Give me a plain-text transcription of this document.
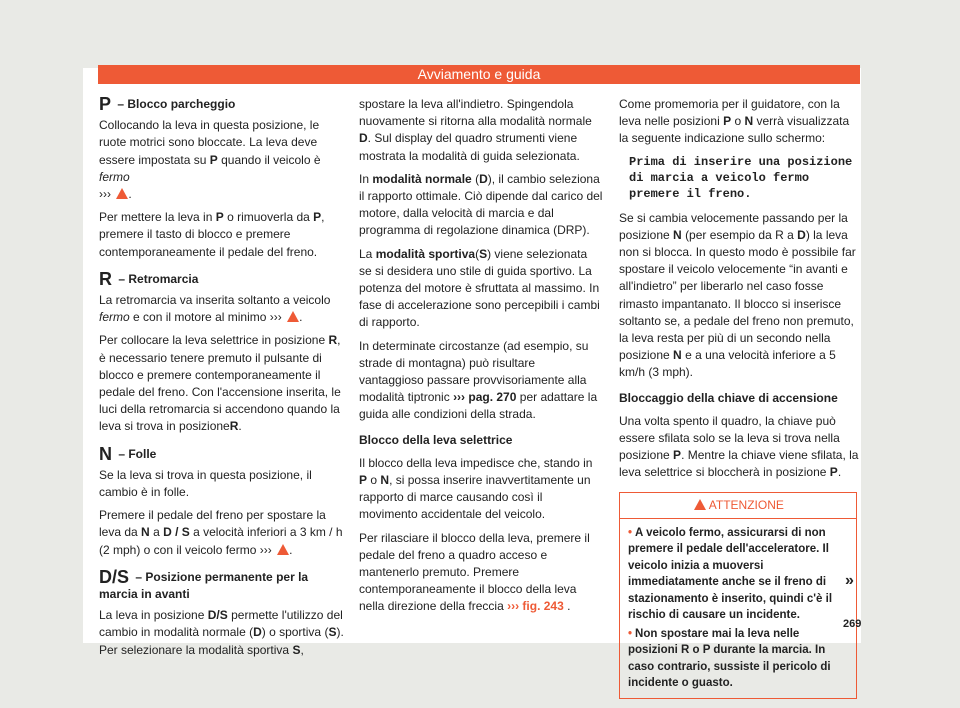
Avviamento e guida
P – Blocco parcheggio

Collocando la leva in questa posizione, le ruote motrici sono bloccate. La leva deve essere impostata su P quando il veicolo è fermo
››› .

Per mettere la leva in P o rimuoverla da P, premere il tasto di blocco e premere contemporaneamente il pedale del freno.

R – Retromarcia

La retromarcia va inserita soltanto a veicolo fermo e con il motore al minimo ››› .

Per collocare la leva selettrice in posizione R, è necessario tenere premuto il pulsante di blocco e premere contemporaneamente il pedale del freno. Con l'accensione inserita, le luci della retromarcia si accendono quando la leva si trova in posizioneR.

N – Folle

Se la leva si trova in questa posizione, il cambio è in folle.

Premere il pedale del freno per spostare la leva da N a D / S a velocità inferiori a 3 km / h (2 mph) o con il veicolo fermo ››› .

D/S – Posizione permanente per la marcia in avanti

La leva in posizione D/S permette l'utilizzo del cambio in modalità normale (D) o sportiva (S). Per selezionare la modalità sportiva S,

spostare la leva all'indietro. Spingendola nuovamente si ritorna alla modalità normale D. Sul display del quadro strumenti viene mostrata la modalità di guida selezionata.

In modalità normale (D), il cambio seleziona il rapporto ottimale. Ciò dipende dal carico del motore, dalla velocità di marcia e dal programma di regolazione dinamica (DRP).

La modalità sportiva(S) viene selezionata se si desidera uno stile di guida sportivo. La potenza del motore è sfruttata al massimo. In fase di accelerazione sono percepibili i cambi di rapporto.

In determinate circostanze (ad esempio, su strade di montagna) può risultare vantaggioso passare provvisoriamente alla modalità tiptronic ››› pag. 270 per adattare la guida alle condizioni della strada.

Blocco della leva selettrice

Il blocco della leva impedisce che, stando in
P o N, si possa inserire inavvertitamente un rapporto di marce causando così il movimento accidentale del veicolo.

Per rilasciare il blocco della leva, premere il pedale del freno a quadro acceso e mantenerlo premuto. Premere contemporaneamente il blocco della leva nella direzione della freccia ››› fig. 243 .

Come promemoria per il guidatore, con la leva nelle posizioni P o N verrà visualizzata la seguente indicazione sullo schermo:

Prima di inserire una posizione di marcia a veicolo fermo premere il freno.

Se si cambia velocemente passando per la posizione N (per esempio da R a D) la leva non si blocca. In questo modo è possibile far spostare il veicolo velocemente “in avanti e all'indietro” per liberarlo nel caso fosse rimasto impantanato. Il blocco si inserisce soltanto se, a pedale del freno non premuto, la leva resta per più di un secondo nella posizione N e a una velocità inferiore a 5 km/h (3 mph).

Bloccaggio della chiave di accensione

Una volta spento il quadro, la chiave può essere sfilata solo se la leva si trova nella posizione P. Mentre la chiave viene sfilata, la leva selettrice si bloccherà in posizione P.

ATTENZIONE

• A veicolo fermo, assicurarsi di non premere il pedale dell'acceleratore. Il veicolo inizia a muoversi immediatamente anche se il freno di stazionamento è inserito, quindi c'è il rischio di causare un incidente.

• Non spostare mai la leva nelle posizioni R o P durante la marcia. In caso contrario, sussiste il pericolo di incidente o guasto.

»
269
